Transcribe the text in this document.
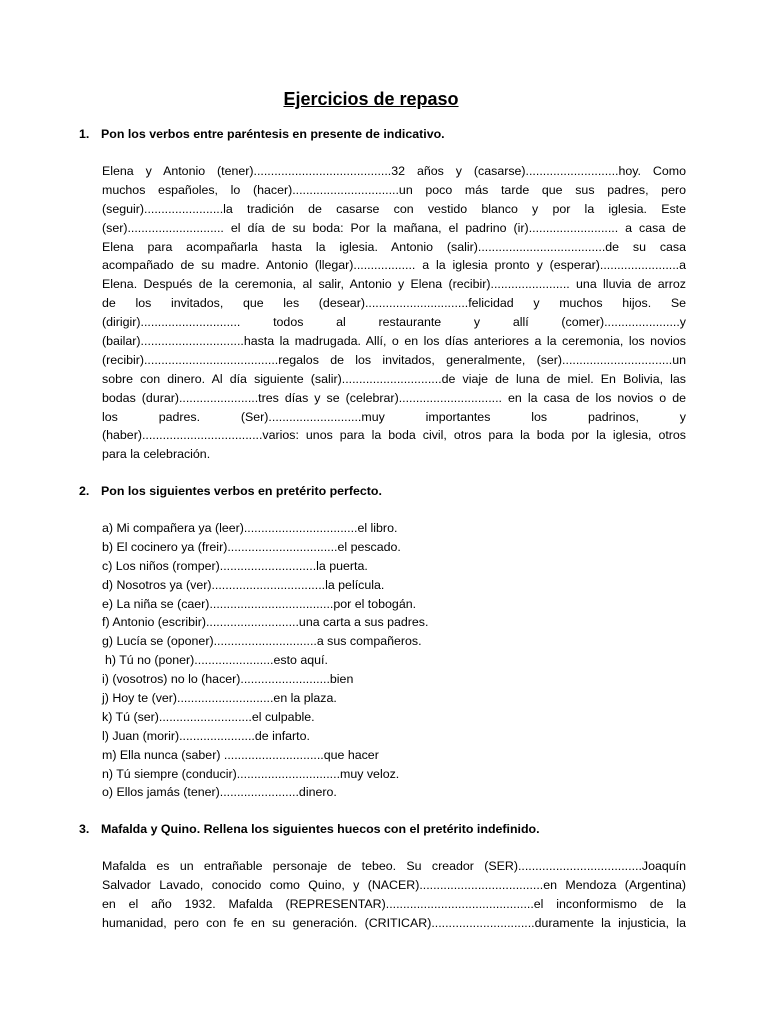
Ejercicios de repaso
1. Pon los verbos entre paréntesis en presente de indicativo.
Elena y Antonio (tener)........................................32 años y (casarse)...........................hoy. Como
muchos españoles, lo (hacer)...............................un poco más tarde que sus padres, pero
(seguir).......................la tradición de casarse con vestido blanco y por la iglesia. Este
(ser)............................ el día de su boda: Por la mañana, el padrino (ir).......................... a casa de
Elena para acompañarla hasta la iglesia. Antonio (salir).....................................de su casa
acompañado de su madre. Antonio (llegar).................. a la iglesia pronto y (esperar).......................a
Elena. Después de la ceremonia, al salir, Antonio y Elena (recibir)....................... una lluvia de arroz
de los invitados, que les (desear)..............................felicidad y muchos hijos. Se
(dirigir)............................. todos al restaurante y allí (comer)......................y
(bailar)..............................hasta la madrugada. Allí, o en los días anteriores a la ceremonia, los novios
(recibir).......................................regalos de los invitados, generalmente, (ser)................................un
sobre con dinero. Al día siguiente (salir).............................de viaje de luna de miel. En Bolivia, las
bodas (durar).......................tres días y se (celebrar).............................. en la casa de los novios o de
los padres. (Ser)...........................muy importantes los padrinos, y
(haber)...................................varios: unos para la boda civil, otros para la boda por la iglesia, otros
para la celebración.
2. Pon los siguientes verbos en pretérito perfecto.
a) Mi compañera ya (leer).................................el libro.
b) El cocinero ya (freir)................................el pescado.
c) Los niños (romper)............................la puerta.
d) Nosotros ya (ver).................................la película.
e) La niña se (caer)....................................por el tobogán.
f) Antonio (escribir)...........................una carta a sus padres.
g) Lucía se (oponer)..............................a sus compañeros.
h) Tú no (poner).......................esto aquí.
i) (vosotros) no lo (hacer)..........................bien
j) Hoy te (ver)............................en la plaza.
k) Tú (ser)...........................el culpable.
l) Juan (morir)......................de infarto.
m) Ella nunca (saber) .............................que hacer
n) Tú siempre (conducir)..............................muy veloz.
o) Ellos jamás (tener).......................dinero.
3. Mafalda y Quino. Rellena los siguientes huecos con el pretérito indefinido.
Mafalda es un entrañable personaje de tebeo. Su creador (SER)....................................Joaquín
Salvador Lavado, conocido como Quino, y (NACER)....................................en Mendoza (Argentina)
en el año 1932. Mafalda (REPRESENTAR)...........................................el inconformismo de la
humanidad, pero con fe en su generación. (CRITICAR)..............................duramente la injusticia, la
